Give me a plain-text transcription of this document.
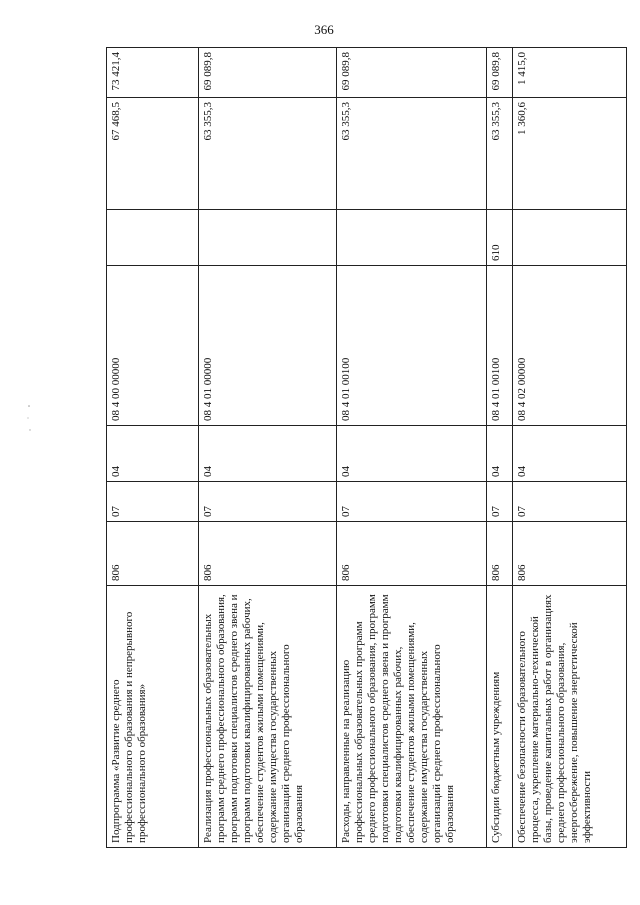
366
Подпрограмма «Развитие среднего профессионального образования и непрерывного профессионального образования»	806	07	04	08 4 00 00000		67 468,5	73 421,4
Реализация профессиональных образовательных программ среднего профессионального образования, программ подготовки специалистов среднего звена и программ подготовки квалифицированных рабочих, обеспечение студентов жилыми помещениями, содержание имущества государственных организаций среднего профессионального образования	806	07	04	08 4 01 00000		63 355,3	69 089,8
Расходы, направленные на реализацию профессиональных образовательных программ среднего профессионального образования, программ подготовки специалистов среднего звена и программ подготовки квалифицированных рабочих, обеспечение студентов жилыми помещениями, содержание имущества государственных организаций среднего профессионального образования	806	07	04	08 4 01 00100		63 355,3	69 089,8
Субсидии бюджетным учреждениям	806	07	04	08 4 01 00100	610	63 355,3	69 089,8
Обеспечение безопасности образовательного процесса, укрепление материально-технической базы, проведение капитальных работ в организациях среднего профессионального образования, энергосбережение, повышение энергетической эффективности	806	07	04	08 4 02 00000		1 360,6	1 415,0
